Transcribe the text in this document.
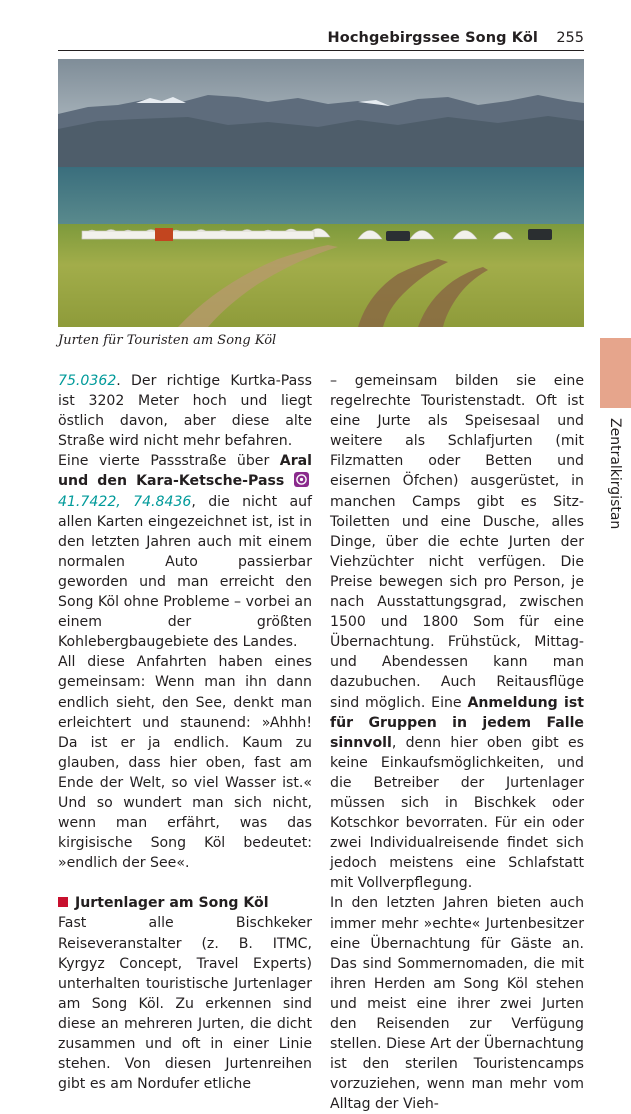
Hochgebirgssee Song Köl 255
Jurten für Touristen am Song Köl
Zentralkirgistan

75.0362. Der richtige Kurtka-Pass ist 3202 Meter hoch und liegt östlich davon, aber diese alte Straße wird nicht mehr befahren.

Eine vierte Passstraße über Aral und den Kara-Ketsche-Pass
41.7422, 74.8436, die nicht auf allen Karten eingezeichnet ist, ist in den letzten Jahren auch mit einem normalen Auto passierbar geworden und man erreicht den Song Köl ohne Probleme – vorbei an einem der größten Kohlebergbaugebiete des Landes.

All diese Anfahrten haben eines gemeinsam: Wenn man ihn dann endlich sieht, den See, denkt man erleichtert und staunend: »Ahhh! Da ist er ja endlich. Kaum zu glauben, dass hier oben, fast am Ende der Welt, so viel Wasser ist.« Und so wundert man sich nicht, wenn man erfährt, was das kirgisische Song Köl bedeutet: »endlich der See«.

Jurtenlager am Song Köl

Fast alle Bischkeker Reiseveranstalter (z. B. ITMC, Kyrgyz Concept, Travel Experts) unterhalten touristische Jurtenlager am Song Köl. Zu erkennen sind diese an mehreren Jurten, die dicht zusammen und oft in einer Linie stehen. Von diesen Jurtenreihen gibt es am Nordufer etliche

– gemeinsam bilden sie eine regelrechte Touristenstadt. Oft ist eine Jurte als Speisesaal und weitere als Schlafjurten (mit Filzmatten oder Betten und eisernen Öfchen) ausgerüstet, in manchen Camps gibt es Sitz-Toiletten und eine Dusche, alles Dinge, über die echte Jurten der Viehzüchter nicht verfügen. Die Preise bewegen sich pro Person, je nach Ausstattungsgrad, zwischen 1500 und 1800 Som für eine Übernachtung. Frühstück, Mittag- und Abendessen kann man dazubuchen. Auch Reitausflüge sind möglich. Eine Anmeldung ist für Gruppen in jedem Falle sinnvoll, denn hier oben gibt es keine Einkaufsmöglichkeiten, und die Betreiber der Jurtenlager müssen sich in Bischkek oder Kotschkor bevorraten. Für ein oder zwei Individualreisende findet sich jedoch meistens eine Schlafstatt mit Vollverpflegung.

In den letzten Jahren bieten auch immer mehr »echte« Jurtenbesitzer eine Übernachtung für Gäste an. Das sind Sommernomaden, die mit ihren Herden am Song Köl stehen und meist eine ihrer zwei Jurten den Reisenden zur Verfügung stellen. Diese Art der Übernachtung ist den sterilen Touristencamps vorzuziehen, wenn man mehr vom Alltag der Vieh-
